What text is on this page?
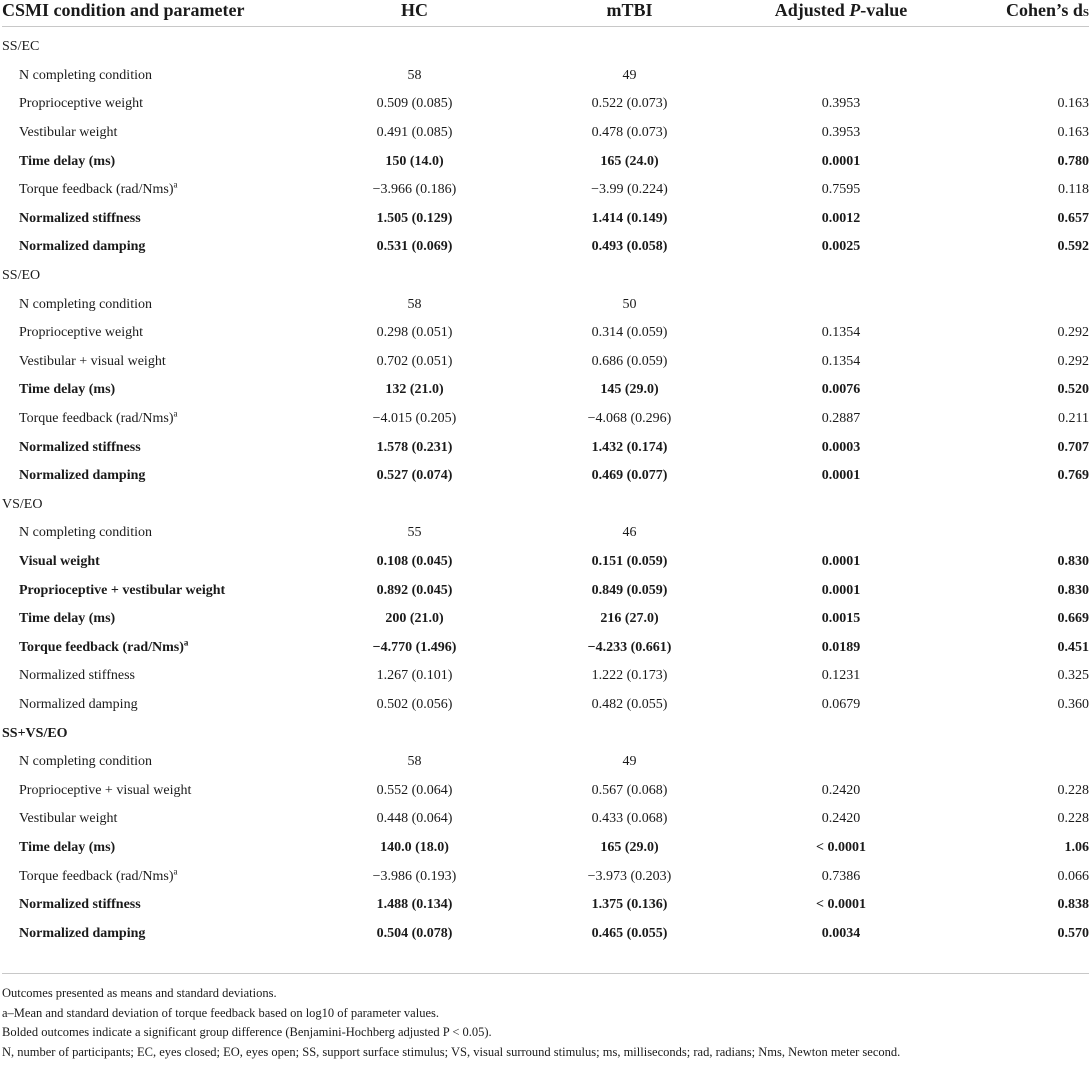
CSMI condition and parameter	HC	mTBI	Adjusted P-value	Cohen’s dS

SS/EC				
N completing condition	58	49		
Proprioceptive weight	0.509 (0.085)	0.522 (0.073)	0.3953	0.163
Vestibular weight	0.491 (0.085)	0.478 (0.073)	0.3953	0.163
Time delay (ms)	150 (14.0)	165 (24.0)	0.0001	0.780
Torque feedback $(rad/Nms)^a$	−3.966 (0.186)	−3.99 (0.224)	0.7595	0.118
Normalized stiffness	1.505 (0.129)	1.414 (0.149)	0.0012	0.657
Normalized damping	0.531 (0.069)	0.493 (0.058)	0.0025	0.592
SS/EO				
N completing condition	58	50		
Proprioceptive weight	0.298 (0.051)	0.314 (0.059)	0.1354	0.292
Vestibular + visual weight	0.702 (0.051)	0.686 (0.059)	0.1354	0.292
Time delay (ms)	132 (21.0)	145 (29.0)	0.0076	0.520
Torque feedback $(rad/Nms)^a$	−4.015 (0.205)	−4.068 (0.296)	0.2887	0.211
Normalized stiffness	1.578 (0.231)	1.432 (0.174)	0.0003	0.707
Normalized damping	0.527 (0.074)	0.469 (0.077)	0.0001	0.769
VS/EO				
N completing condition	55	46		
Visual weight	0.108 (0.045)	0.151 (0.059)	0.0001	0.830
Proprioceptive + vestibular weight	0.892 (0.045)	0.849 (0.059)	0.0001	0.830
Time delay (ms)	200 (21.0)	216 (27.0)	0.0015	0.669
Torque feedback $(rad/Nms)^a$	−4.770 (1.496)	−4.233 (0.661)	0.0189	0.451
Normalized stiffness	1.267 (0.101)	1.222 (0.173)	0.1231	0.325
Normalized damping	0.502 (0.056)	0.482 (0.055)	0.0679	0.360
SS+VS/EO				
N completing condition	58	49		
Proprioceptive + visual weight	0.552 (0.064)	0.567 (0.068)	0.2420	0.228
Vestibular weight	0.448 (0.064)	0.433 (0.068)	0.2420	0.228
Time delay (ms)	140.0 (18.0)	165 (29.0)	< 0.0001	1.06
Torque feedback $(rad/Nms)^a$	−3.986 (0.193)	−3.973 (0.203)	0.7386	0.066
Normalized stiffness	1.488 (0.134)	1.375 (0.136)	< 0.0001	0.838
Normalized damping	0.504 (0.078)	0.465 (0.055)	0.0034	0.570
Outcomes presented as means and standard deviations.
a–Mean and standard deviation of torque feedback based on log10 of parameter values.
Bolded outcomes indicate a significant group difference (Benjamini-Hochberg adjusted P < 0.05).
N, number of participants; EC, eyes closed; EO, eyes open; SS, support surface stimulus; VS, visual surround stimulus; ms, milliseconds; rad, radians; Nms, Newton meter second.
